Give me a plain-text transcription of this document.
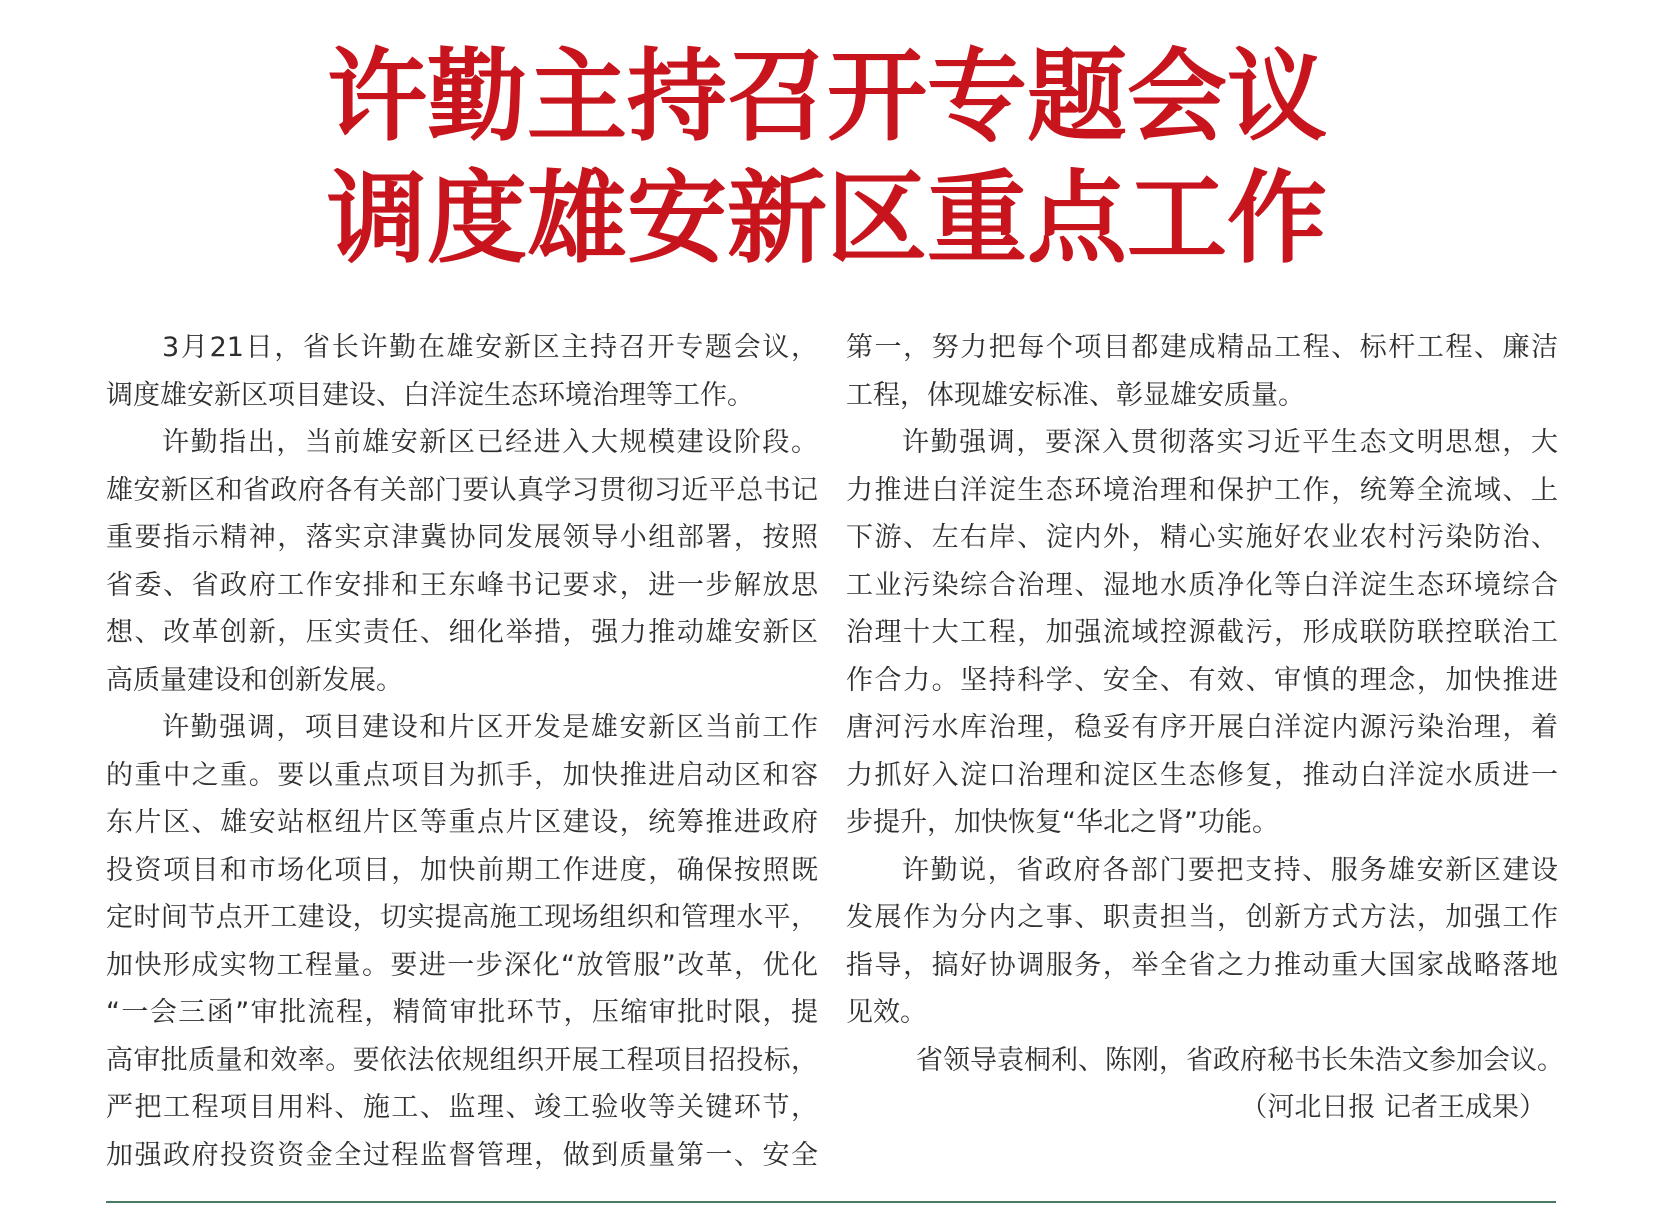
许勤主持召开专题会议
调度雄安新区重点工作
3月21日，省长许勤在雄安新区主持召开专题会议，
调度雄安新区项目建设、白洋淀生态环境治理等工作。
许勤指出，当前雄安新区已经进入大规模建设阶段。
雄安新区和省政府各有关部门要认真学习贯彻习近平总书记
重要指示精神，落实京津冀协同发展领导小组部署，按照
省委、省政府工作安排和王东峰书记要求，进一步解放思
想、改革创新，压实责任、细化举措，强力推动雄安新区
高质量建设和创新发展。
许勤强调，项目建设和片区开发是雄安新区当前工作
的重中之重。要以重点项目为抓手，加快推进启动区和容
东片区、雄安站枢纽片区等重点片区建设，统筹推进政府
投资项目和市场化项目，加快前期工作进度，确保按照既
定时间节点开工建设，切实提高施工现场组织和管理水平，
加快形成实物工程量。要进一步深化“放管服”改革，优化
“一会三函”审批流程，精简审批环节，压缩审批时限，提
高审批质量和效率。要依法依规组织开展工程项目招投标，
严把工程项目用料、施工、监理、竣工验收等关键环节，
加强政府投资资金全过程监督管理，做到质量第一、安全
第一，努力把每个项目都建成精品工程、标杆工程、廉洁
工程，体现雄安标准、彰显雄安质量。
许勤强调，要深入贯彻落实习近平生态文明思想，大
力推进白洋淀生态环境治理和保护工作，统筹全流域、上
下游、左右岸、淀内外，精心实施好农业农村污染防治、
工业污染综合治理、湿地水质净化等白洋淀生态环境综合
治理十大工程，加强流域控源截污，形成联防联控联治工
作合力。坚持科学、安全、有效、审慎的理念，加快推进
唐河污水库治理，稳妥有序开展白洋淀内源污染治理，着
力抓好入淀口治理和淀区生态修复，推动白洋淀水质进一
步提升，加快恢复“华北之肾”功能。
许勤说，省政府各部门要把支持、服务雄安新区建设
发展作为分内之事、职责担当，创新方式方法，加强工作
指导，搞好协调服务，举全省之力推动重大国家战略落地
见效。
省领导袁桐利、陈刚，省政府秘书长朱浩文参加会议。
（河北日报 记者王成果）
